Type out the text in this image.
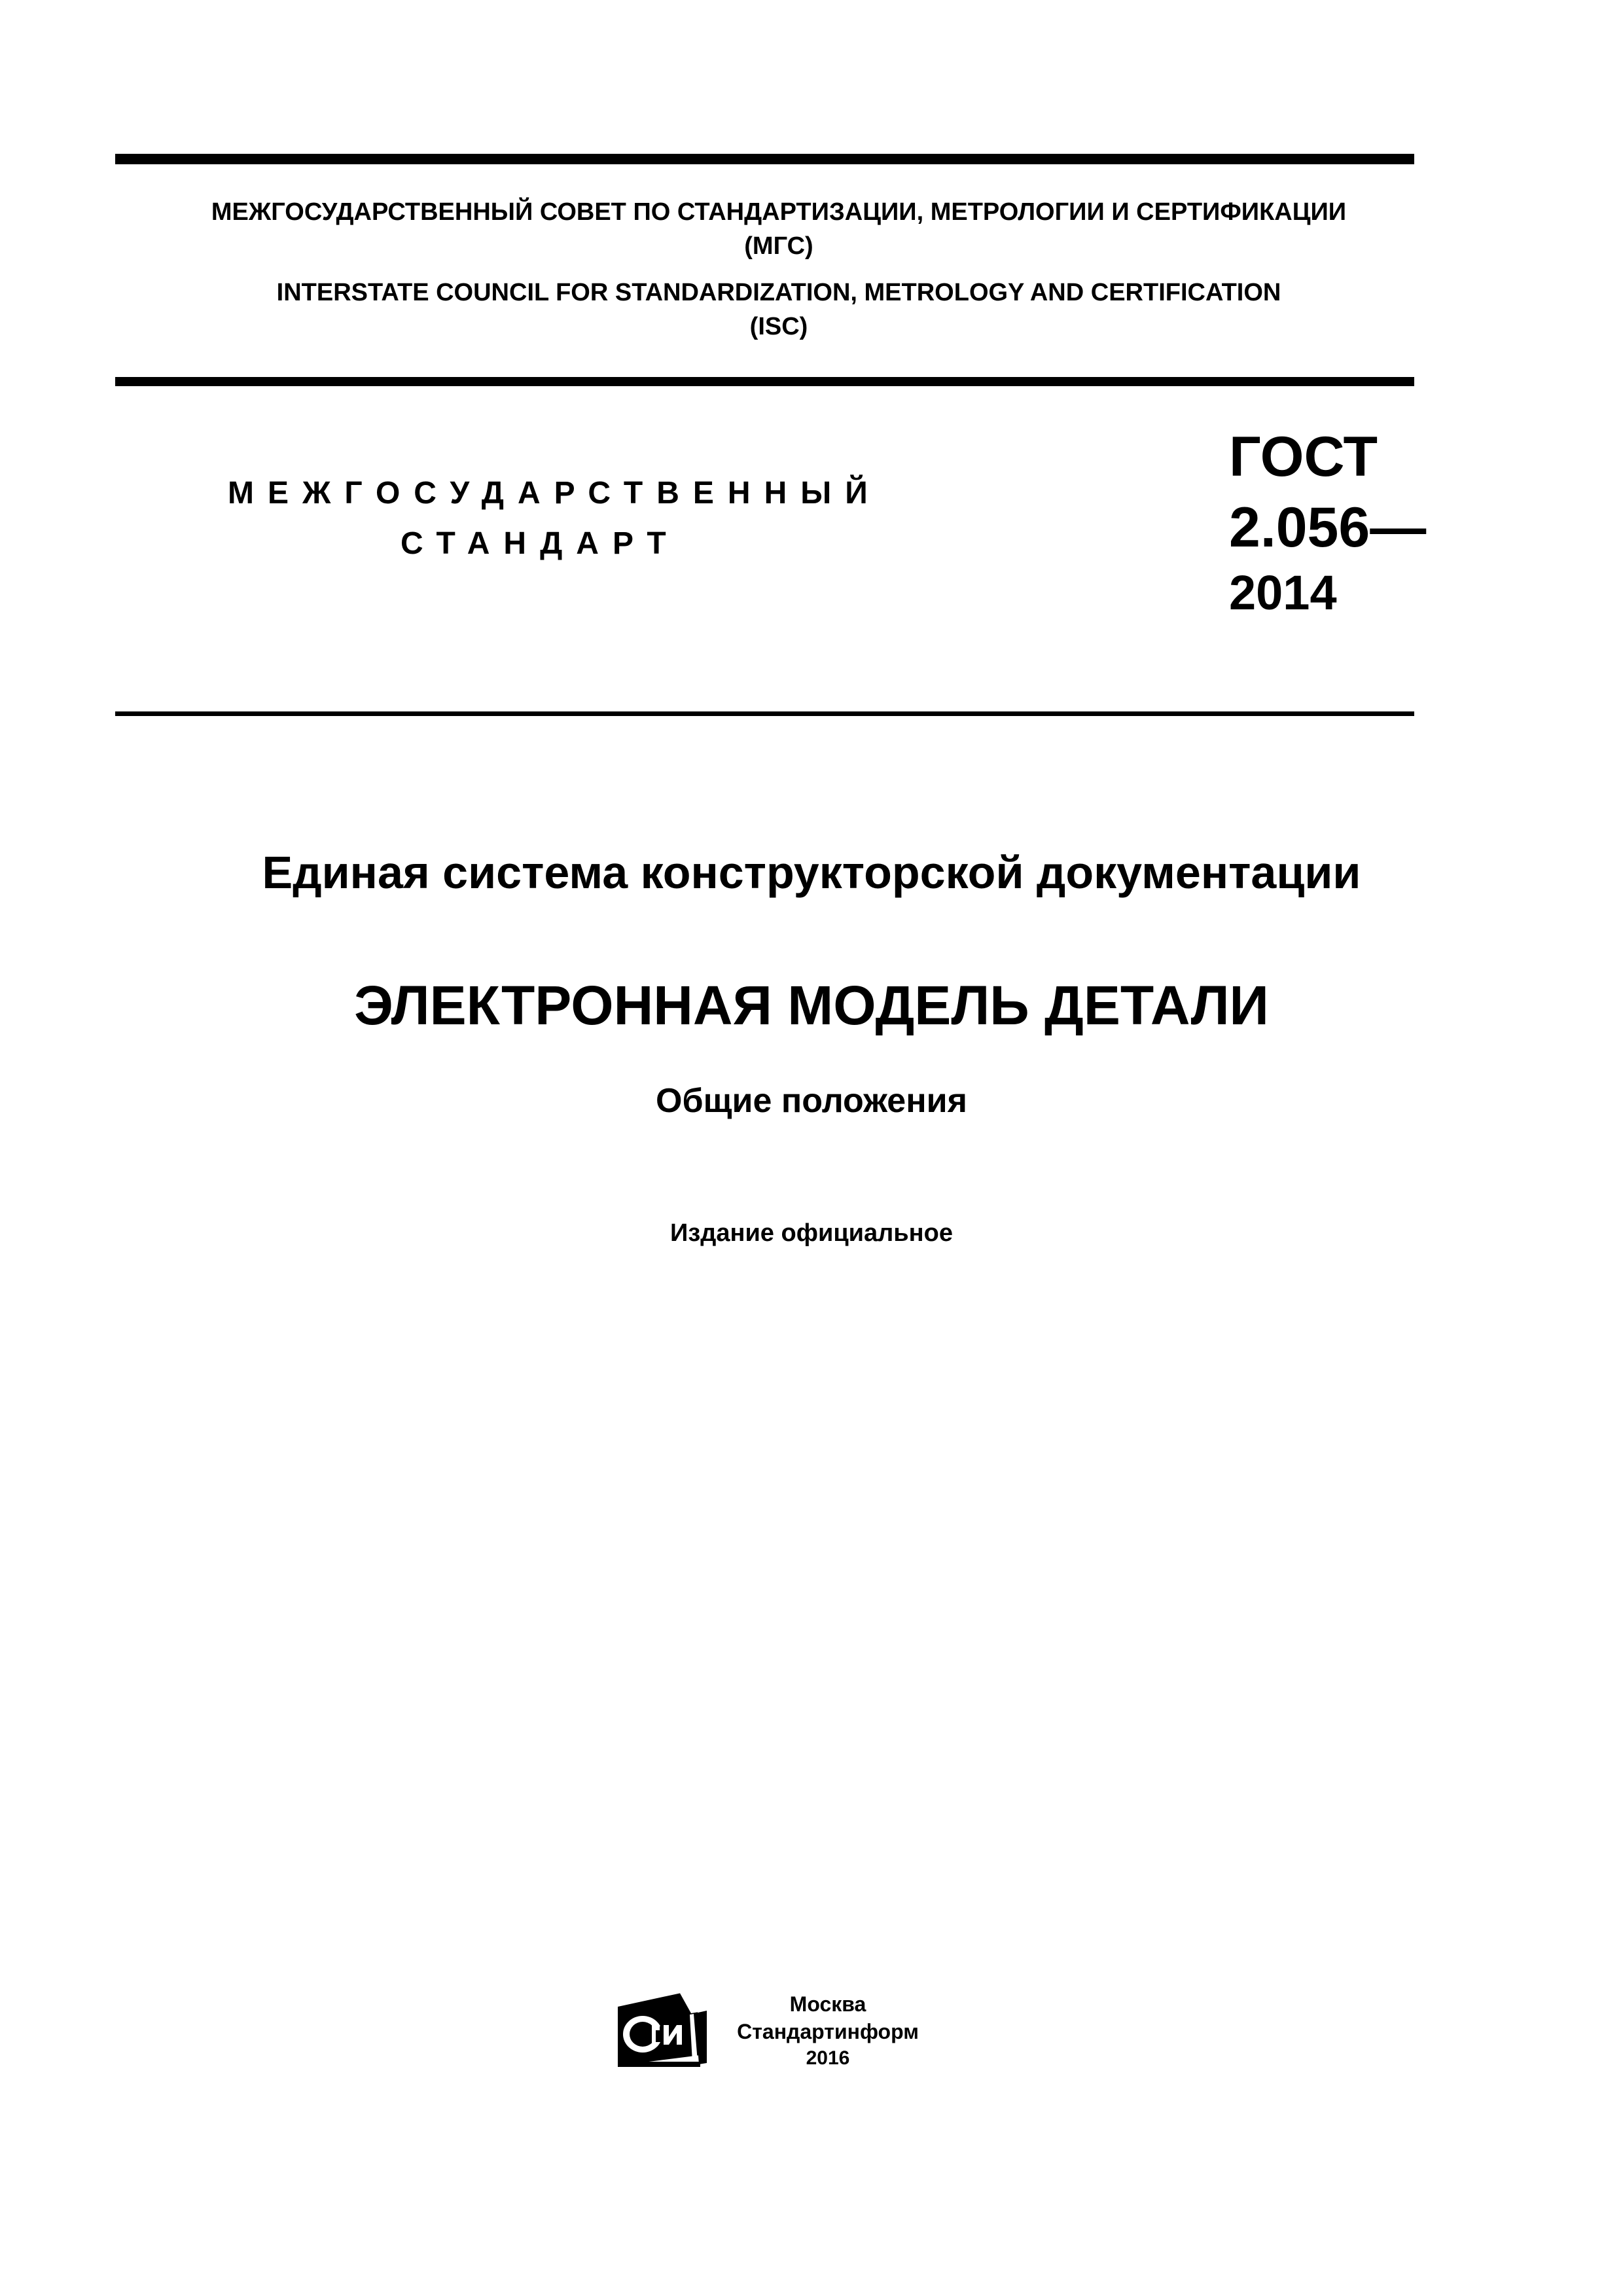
МЕЖГОСУДАРСТВЕННЫЙ СОВЕТ ПО СТАНДАРТИЗАЦИИ, МЕТРОЛОГИИ И СЕРТИФИКАЦИИ
(МГС)
INTERSTATE COUNCIL FOR STANDARDIZATION, METROLOGY AND CERTIFICATION
(ISC)
МЕЖГОСУДАРСТВЕННЫЙ
СТАНДАРТ
ГОСТ
2.056—
2014
Единая система конструкторской документации
ЭЛЕКТРОННАЯ МОДЕЛЬ ДЕТАЛИ
Общие положения
Издание официальное
Москва
Стандартинформ
2016
